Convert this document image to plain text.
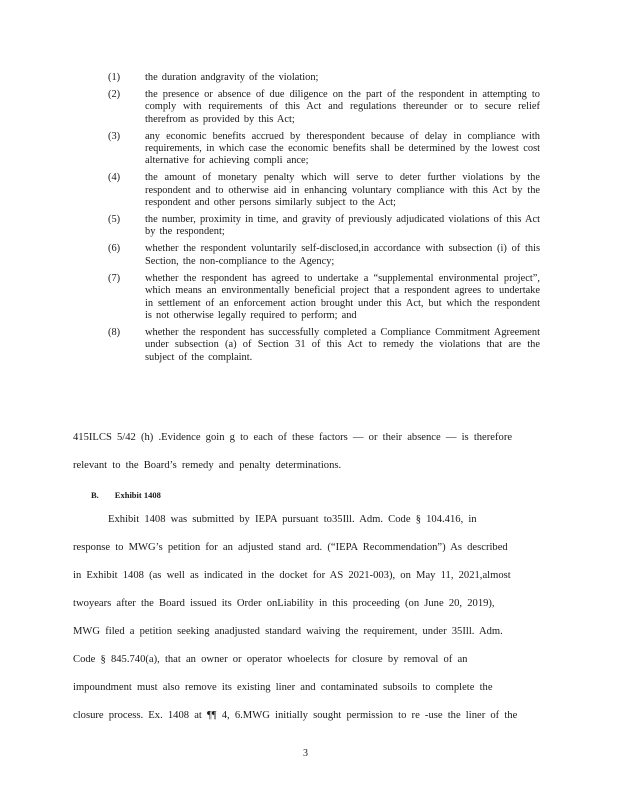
(1)	the duration andgravity of the violation;
(2)	the presence or absence of due diligence on the part of the respondent in attempting to comply with requirements of this Act and regulations thereunder or to secure relief therefrom as provided by this Act;
(3)	any economic benefits accrued by therespondent because of delay in compliance with requirements, in which case the economic benefits shall be determined by the lowest cost alternative for achieving compli ance;
(4)	the amount of monetary penalty which will serve to deter further violations by the respondent and to otherwise aid in enhancing voluntary compliance with this Act by the respondent and other persons similarly subject to the Act;
(5)	the number, proximity in time, and gravity of previously adjudicated violations of this Act by the respondent;
(6)	whether the respondent voluntarily self-disclosed,in accordance with subsection (i) of this Section, the non-compliance to the Agency;
(7)	whether the respondent has agreed to undertake a “supplemental environmental project”, which means an environmentally beneficial project that a respondent agrees to undertake in settlement of an enforcement action brought under this Act, but which the respondent is not otherwise legally required to perform; and
(8)	whether the respondent has successfully completed a Compliance Commitment Agreement under subsection (a) of Section 31 of this Act to remedy the violations that are the subject of the complaint.
415ILCS 5/42 (h) .Evidence goin g to each of these factors — or their absence — is therefore
relevant to the Board’s remedy and penalty determinations.
B. Exhibit 1408
Exhibit 1408 was submitted by IEPA pursuant to35Ill. Adm. Code § 104.416, in
response to MWG’s petition for an adjusted stand ard. (“IEPA Recommendation”) As described
in Exhibit 1408 (as well as indicated in the docket for AS 2021-003), on May 11, 2021,almost
twoyears after the Board issued its Order onLiability in this proceeding (on June 20, 2019),
MWG filed a petition seeking anadjusted standard waiving the requirement, under 35Ill. Adm.
Code § 845.740(a), that an owner or operator whoelects for closure by removal of an
impoundment must also remove its existing liner and contaminated subsoils to complete the
closure process. Ex. 1408 at ¶¶ 4, 6.MWG initially sought permission to re -use the liner of the
3
